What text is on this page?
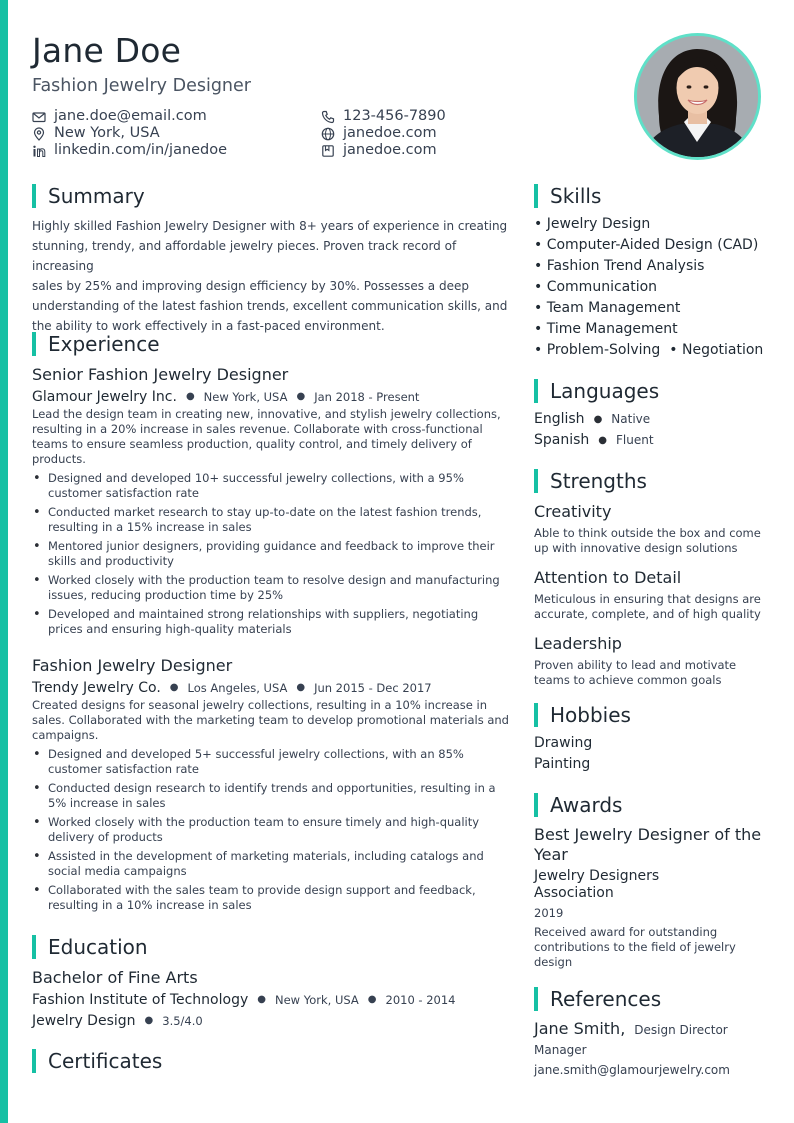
Jane Doe
Fashion Jewelry Designer
jane.doe@email.com
New York, USA
linkedin.com/in/janedoe
123-456-7890
janedoe.com
janedoe.com
Summary
Highly skilled Fashion Jewelry Designer with 8+ years of experience in creating
stunning, trendy, and affordable jewelry pieces. Proven track record of increasing
sales by 25% and improving design efficiency by 30%. Possesses a deep
understanding of the latest fashion trends, excellent communication skills, and
the ability to work effectively in a fast-paced environment.
Experience
Senior Fashion Jewelry Designer
Glamour Jewelry Inc. ● New York, USA ● Jan 2018 - Present
Lead the design team in creating new, innovative, and stylish jewelry collections,
resulting in a 20% increase in sales revenue. Collaborate with cross-functional
teams to ensure seamless production, quality control, and timely delivery of
products.
• Designed and developed 10+ successful jewelry collections, with a 95%
customer satisfaction rate
• Conducted market research to stay up-to-date on the latest fashion trends,
resulting in a 15% increase in sales
• Mentored junior designers, providing guidance and feedback to improve their
skills and productivity
• Worked closely with the production team to resolve design and manufacturing
issues, reducing production time by 25%
• Developed and maintained strong relationships with suppliers, negotiating
prices and ensuring high-quality materials
Fashion Jewelry Designer
Trendy Jewelry Co. ● Los Angeles, USA ● Jun 2015 - Dec 2017
Created designs for seasonal jewelry collections, resulting in a 10% increase in
sales. Collaborated with the marketing team to develop promotional materials and
campaigns.
• Designed and developed 5+ successful jewelry collections, with an 85%
customer satisfaction rate
• Conducted design research to identify trends and opportunities, resulting in a
5% increase in sales
• Worked closely with the production team to ensure timely and high-quality
delivery of products
• Assisted in the development of marketing materials, including catalogs and
social media campaigns
• Collaborated with the sales team to provide design support and feedback,
resulting in a 10% increase in sales
Education
Bachelor of Fine Arts
Fashion Institute of Technology ● New York, USA ● 2010 - 2014
Jewelry Design ● 3.5/4.0
Certificates
Skills
• Jewelry Design
• Computer-Aided Design (CAD)
• Fashion Trend Analysis
• Communication
• Team Management
• Time Management
• Problem-Solving • Negotiation
Languages
English ● Native
Spanish ● Fluent
Strengths
Creativity
Able to think outside the box and come
up with innovative design solutions
Attention to Detail
Meticulous in ensuring that designs are
accurate, complete, and of high quality
Leadership
Proven ability to lead and motivate
teams to achieve common goals
Hobbies
Drawing
Painting
Awards
Best Jewelry Designer of the
Year
Jewelry Designers
Association
2019
Received award for outstanding
contributions to the field of jewelry
design
References
Jane Smith, Design Director
Manager
jane.smith@glamourjewelry.com
